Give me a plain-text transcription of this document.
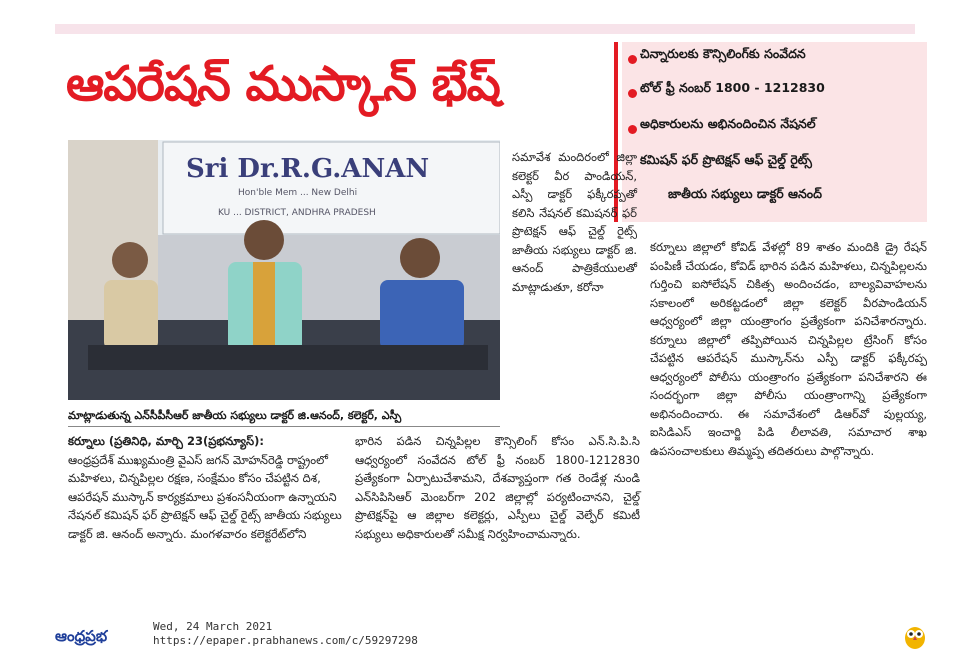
ఆపరేషన్ ముస్కాన్ భేష్
చిన్నారులకు కౌన్సిలింగ్‌కు సంవేదన
టోల్ ఫ్రీ నంబర్ 1800 - 1212830
అధికారులను అభినందించిన నేషనల్
కమిషన్ ఫర్ ప్రొటెక్షన్ ఆఫ్ చైల్డ్ రైట్స్
జాతీయ సభ్యులు డాక్టర్ ఆనంద్
Sri Dr.R.G.ANAN
Hon'ble Mem ... New Delhi
KU ... DISTRICT, ANDHRA PRADESH
మాట్లాడుతున్న ఎన్‌సీపీసీఆర్ జాతీయ సభ్యులు డాక్టర్ జి.ఆనంద్, కలెక్టర్, ఎస్పీ

సమావేశ మందిరంలో జిల్లా కలెక్టర్ వీర పాండియన్, ఎస్పీ డాక్టర్ ఫక్కీరప్పతో కలిసి నేషనల్ కమిషనర్ ఫర్ ప్రొటెక్షన్ ఆఫ్ చైల్డ్ రైట్స్ జాతీయ సభ్యులు డాక్టర్ జి. ఆనంద్ పాత్రికేయులతో మాట్లాడుతూ, కరోనా

కర్నూలు (ప్రతినిధి, మార్చి 23(ప్రభన్యూస్):

ఆంధ్రప్రదేశ్ ముఖ్యమంత్రి వైఎస్ జగన్ మోహన్‌రెడ్డి రాష్ట్రంలో మహిళలు, చిన్నపిల్లల రక్షణ, సంక్షేమం కోసం చేపట్టిన దిశ, ఆపరేషన్ ముస్కాన్ కార్యక్రమాలు ప్రశంసనీయంగా ఉన్నాయని నేషనల్ కమిషన్ ఫర్ ప్రొటెక్షన్ ఆఫ్ చైల్డ్ రైట్స్ జాతీయ సభ్యులు డాక్టర్ జి. ఆనంద్ అన్నారు. మంగళవారం కలెక్టరేట్‌లోని

భారిన పడిన చిన్నపిల్లల కౌన్సిలింగ్ కోసం ఎన్.సి.పి.సి ఆధ్వర్యంలో సంవేదన టోల్ ఫ్రీ నంబర్ 1800-1212830 ప్రత్యేకంగా ఏర్పాటుచేశామని, దేశవ్యాప్తంగా గత రెండేళ్ల నుండి ఎన్‌సిపిసిఆర్ మెంబర్‌గా 202 జిల్లాల్లో పర్యటించానని, చైల్డ్ ప్రొటెక్షన్‌పై ఆ జిల్లాల కలెక్టర్లు, ఎస్పీలు చైల్డ్ వెల్ఫేర్ కమిటీ సభ్యులు అధికారులతో సమీక్ష నిర్వహించామన్నారు.

కర్నూలు జిల్లాలో కోవిడ్ వేళల్లో 89 శాతం మందికి డ్రై రేషన్ పంపిణీ చేయడం, కోవిడ్ భారిన పడిన మహిళలు, చిన్నపిల్లలను గుర్తించి ఐసోలేషన్ చికిత్స అందించడం, బాల్యవివాహలను సకాలంలో అరికట్టడంలో జిల్లా కలెక్టర్ వీరపాండియన్ ఆధ్వర్యంలో జిల్లా యంత్రాంగం ప్రత్యేకంగా పనిచేశారన్నారు. కర్నూలు జిల్లాలో తప్పిపోయిన చిన్నపిల్లల ట్రేసింగ్ కోసం చేపట్టిన ఆపరేషన్ ముస్కాన్‌ను ఎస్పీ డాక్టర్ ఫక్కీరప్ప ఆధ్వర్యంలో పోలీసు యంత్రాంగం ప్రత్యేకంగా పనిచేశారని ఈ సందర్భంగా జిల్లా పోలీసు యంత్రాంగాన్ని ప్రత్యేకంగా అభినందించారు. ఈ సమావేశంలో డిఆర్‌వో పుల్లయ్య, ఐసిడిఎస్ ఇంచార్జి పిడి లీలావతి, సమాచార శాఖ ఉపసంచాలకులు తిమ్మప్ప తదితరులు పాల్గొన్నారు.

ఆంధ్రప్రభ
Wed, 24 March 2021
https://epaper.prabhanews.com/c/59297298
